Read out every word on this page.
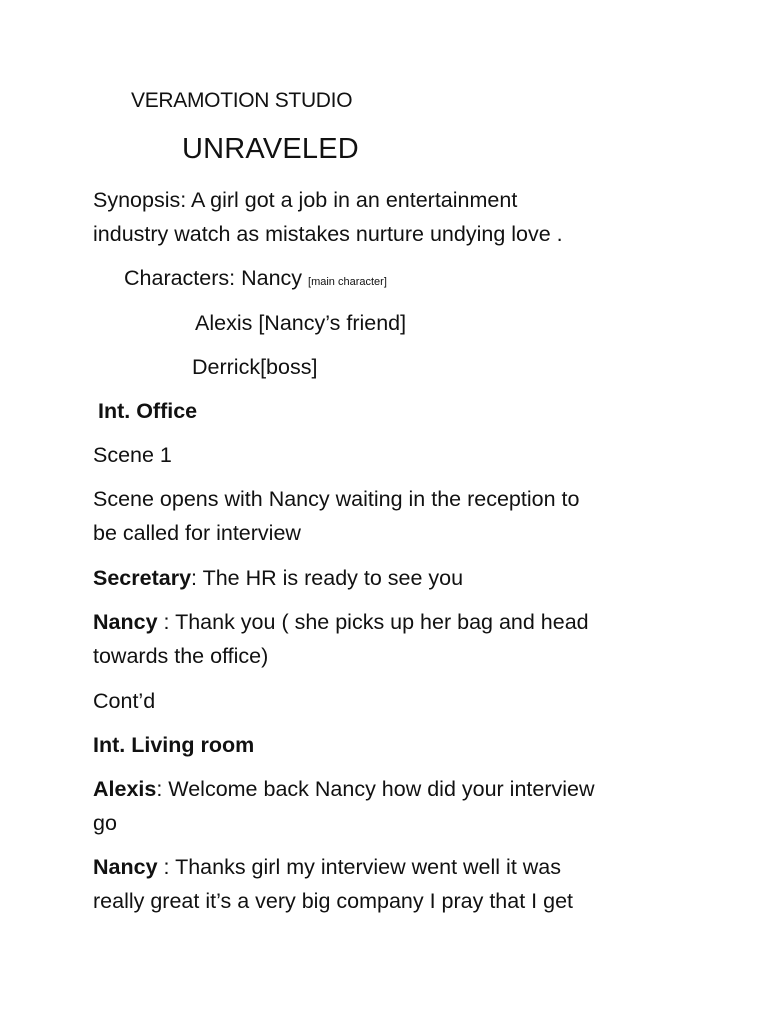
VERAMOTION STUDIO
UNRAVELED
Synopsis: A girl got a job in an entertainment
industry watch as mistakes nurture undying love .
Characters: Nancy [main character]
Alexis [Nancy’s friend]
Derrick[boss]
Int. Office
Scene 1
Scene opens with Nancy waiting in the reception to
be called for interview
Secretary: The HR is ready to see you
Nancy : Thank you ( she picks up her bag and head
towards the office)
Cont’d
Int. Living room
Alexis: Welcome back Nancy how did your interview
go
Nancy : Thanks girl my interview went well it was
really great it’s a very big company I pray that I get
